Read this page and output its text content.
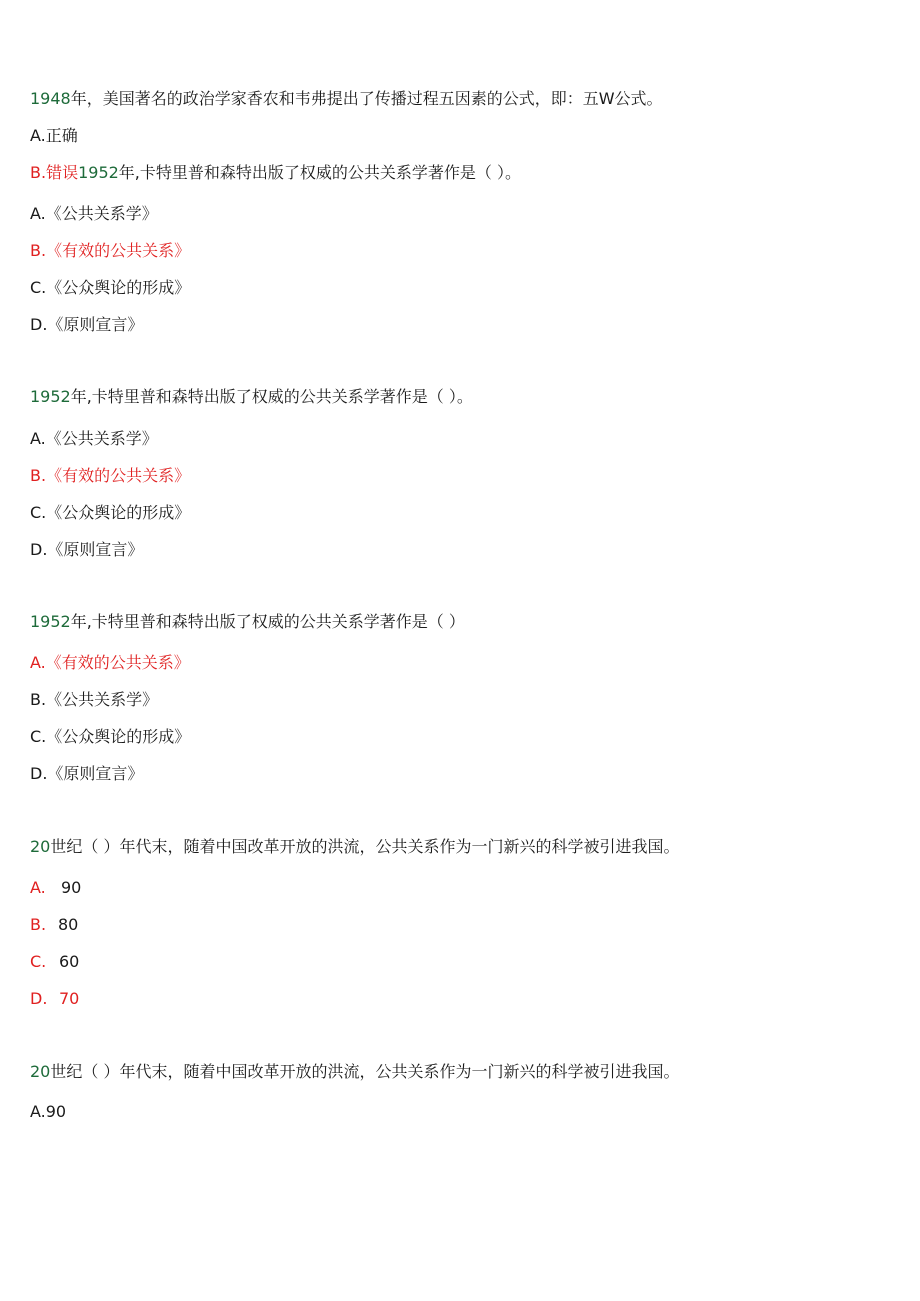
1948年，美国著名的政治学家香农和韦弗提出了传播过程五因素的公式，即：五W公式。
A.正确
B.错误1952年,卡特里普和森特出版了权威的公共关系学著作是（ ）。
A.《公共关系学》
B.《有效的公共关系》
C.《公众舆论的形成》
D.《原则宣言》
1952年,卡特里普和森特出版了权威的公共关系学著作是（ ）。
A.《公共关系学》
B.《有效的公共关系》
C.《公众舆论的形成》
D.《原则宣言》
1952年,卡特里普和森特出版了权威的公共关系学著作是（ ）
A.《有效的公共关系》
B.《公共关系学》
C.《公众舆论的形成》
D.《原则宣言》
20世纪（ ）年代末，随着中国改革开放的洪流，公共关系作为一门新兴的科学被引进我国。
A. 90
B. 80
C. 60
D. 70
20世纪（ ）年代末，随着中国改革开放的洪流，公共关系作为一门新兴的科学被引进我国。
A.90
